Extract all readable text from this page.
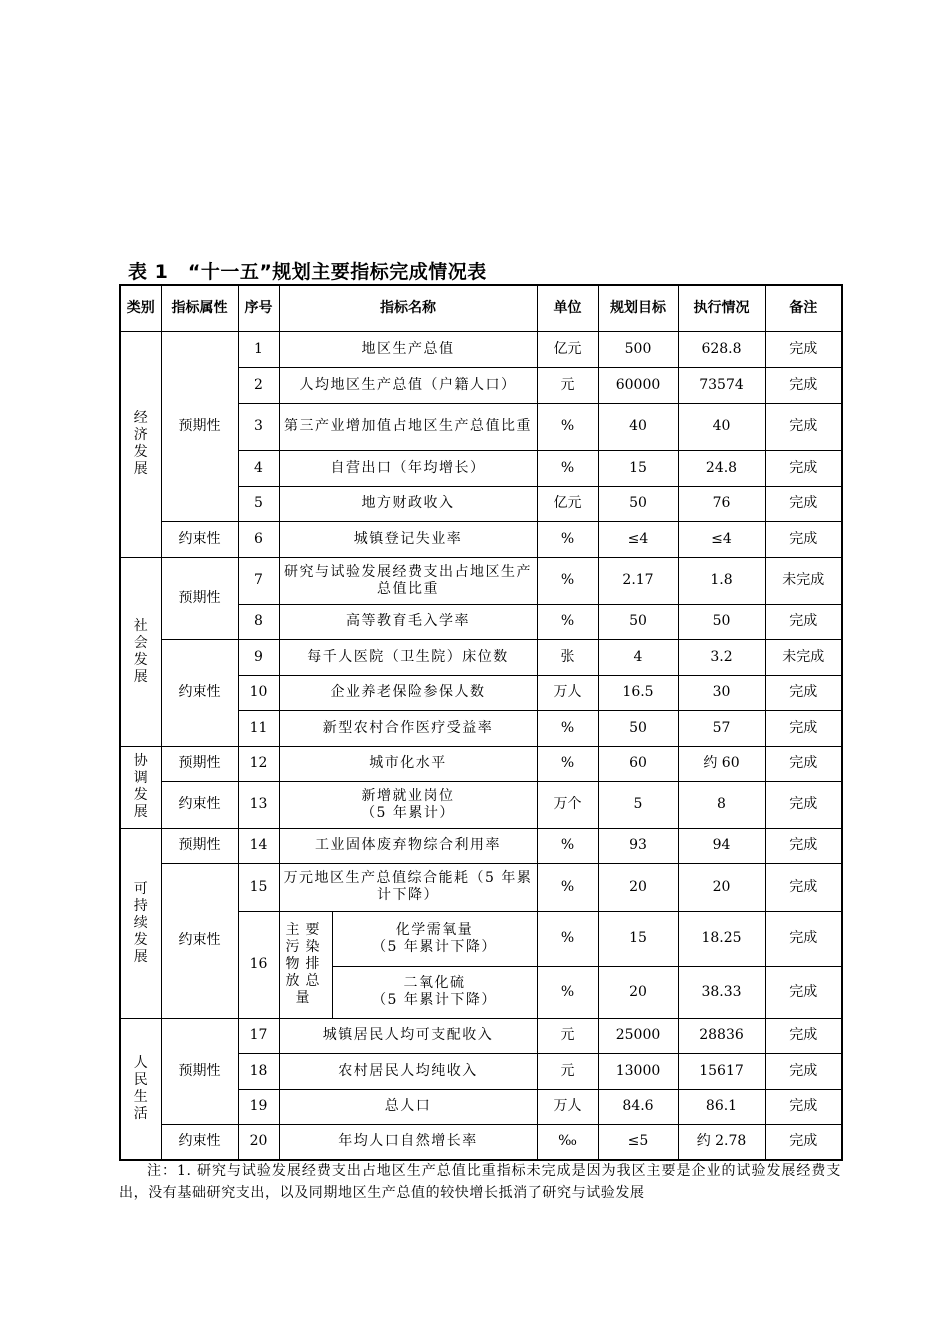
表 1　“十一五”规划主要指标完成情况表
类别	指标属性	序号	指标名称		单位	规划目标	执行情况	备注
经济发展	预期性	1	地区生产总值		亿元	500	628.8	完成
		2	人均地区生产总值（户籍人口）		元	60000	73574	完成
		3	第三产业增加值占地区生产总值比重		%	40	40	完成
		4	自营出口（年均增长）		%	15	24.8	完成
		5	地方财政收入		亿元	50	76	完成
	约束性	6	城镇登记失业率		%	≤4	≤4	完成
社会发展	预期性	7	研究与试验发展经费支出占地区生产总值比重		%	2.17	1.8	未完成
		8	高等教育毛入学率		%	50	50	完成
	约束性	9	每千人医院（卫生院）床位数		张	4	3.2	未完成
		10	企业养老保险参保人数		万人	16.5	30	完成
		11	新型农村合作医疗受益率		%	50	57	完成
协调发展	预期性	12	城市化水平		%	60	约 60	完成
	约束性	13	新增就业岗位
（5 年累计）		万个	5	8	完成
可持续发展	预期性	14	工业固体废弃物综合利用率		%	93	94	完成
	约束性	15	万元地区生产总值综合能耗（5 年累计下降）		%	20	20	完成
		16	主要污染物排放总量	化学需氧量
（5 年累计下降）	%	15	18.25	完成

				二氧化硫
（5 年累计下降）	%	20	38.33	完成
人民生活	预期性	17	城镇居民人均可支配收入		元	25000	28836	完成
		18	农村居民人均纯收入		元	13000	15617	完成
		19	总人口		万人	84.6	86.1	完成
	约束性	20	年均人口自然增长率		‰	≤5	约 2.78	完成
注：1. 研究与试验发展经费支出占地区生产总值比重指标未完成是因为我区主要是企业的试验发展经费支出，没有基础研究支出，以及同期地区生产总值的较快增长抵消了研究与试验发展
